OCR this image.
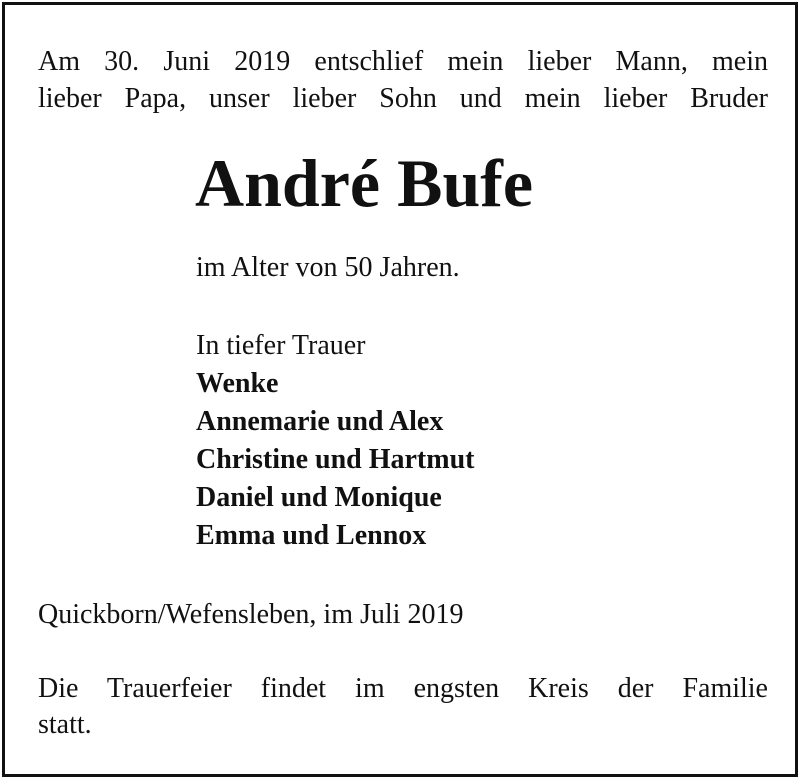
Am 30. Juni 2019 entschlief mein lieber Mann, mein
lieber Papa, unser lieber Sohn und mein lieber Bruder

André Bufe

im Alter von 50 Jahren.

In tiefer Trauer
Wenke
Annemarie und Alex
Christine und Hartmut
Daniel und Monique
Emma und Lennox

Quickborn/Wefensleben, im Juli 2019

Die Trauerfeier findet im engsten Kreis der Familie
statt.
